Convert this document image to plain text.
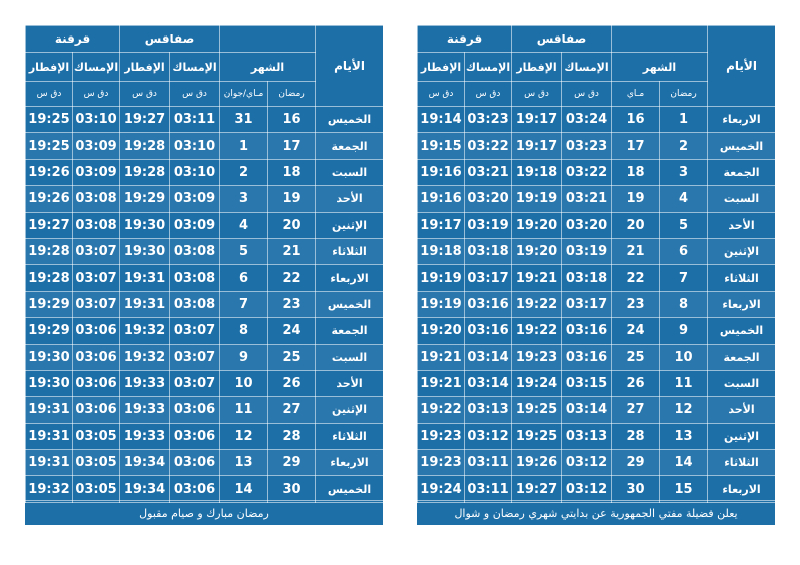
قرقنة		صفاقس				الأيام
الإفطار	الإمساك	الإفطار	الإمساك	الشهر		
دق س	دق س	دق س	دق س	مـاي/جوان	رمضان	
19:25	03:10	19:27	03:11	31	16	الخميس
19:25	03:09	19:28	03:10	1	17	الجمعة
19:26	03:09	19:28	03:10	2	18	السبت
19:26	03:08	19:29	03:09	3	19	الأحد
19:27	03:08	19:30	03:09	4	20	الإثنين
19:28	03:07	19:30	03:08	5	21	الثلاثاء
19:28	03:07	19:31	03:08	6	22	الاربعاء
19:29	03:07	19:31	03:08	7	23	الخميس
19:29	03:06	19:32	03:07	8	24	الجمعة
19:30	03:06	19:32	03:07	9	25	السبت
19:30	03:06	19:33	03:07	10	26	الأحد
19:31	03:06	19:33	03:06	11	27	الإثنين
19:31	03:05	19:33	03:06	12	28	الثلاثاء
19:31	03:05	19:34	03:06	13	29	الاربعاء
19:32	03:05	19:34	03:06	14	30	الخميس
رمضان مبارك و صيام مقبول
قرقنة		صفاقس				الأيام
الإفطار	الإمساك	الإفطار	الإمساك	الشهر		
دق س	دق س	دق س	دق س	مـاي	رمضان	
19:14	03:23	19:17	03:24	16	1	الاربعاء
19:15	03:22	19:17	03:23	17	2	الخميس
19:16	03:21	19:18	03:22	18	3	الجمعة
19:16	03:20	19:19	03:21	19	4	السبت
19:17	03:19	19:20	03:20	20	5	الأحد
19:18	03:18	19:20	03:19	21	6	الإثنين
19:19	03:17	19:21	03:18	22	7	الثلاثاء
19:19	03:16	19:22	03:17	23	8	الاربعاء
19:20	03:16	19:22	03:16	24	9	الخميس
19:21	03:14	19:23	03:16	25	10	الجمعة
19:21	03:14	19:24	03:15	26	11	السبت
19:22	03:13	19:25	03:14	27	12	الأحد
19:23	03:12	19:25	03:13	28	13	الإثنين
19:23	03:11	19:26	03:12	29	14	الثلاثاء
19:24	03:11	19:27	03:12	30	15	الاربعاء
يعلن فضيلة مفتي الجمهورية عن بدايتي شهري رمضان و شوال
